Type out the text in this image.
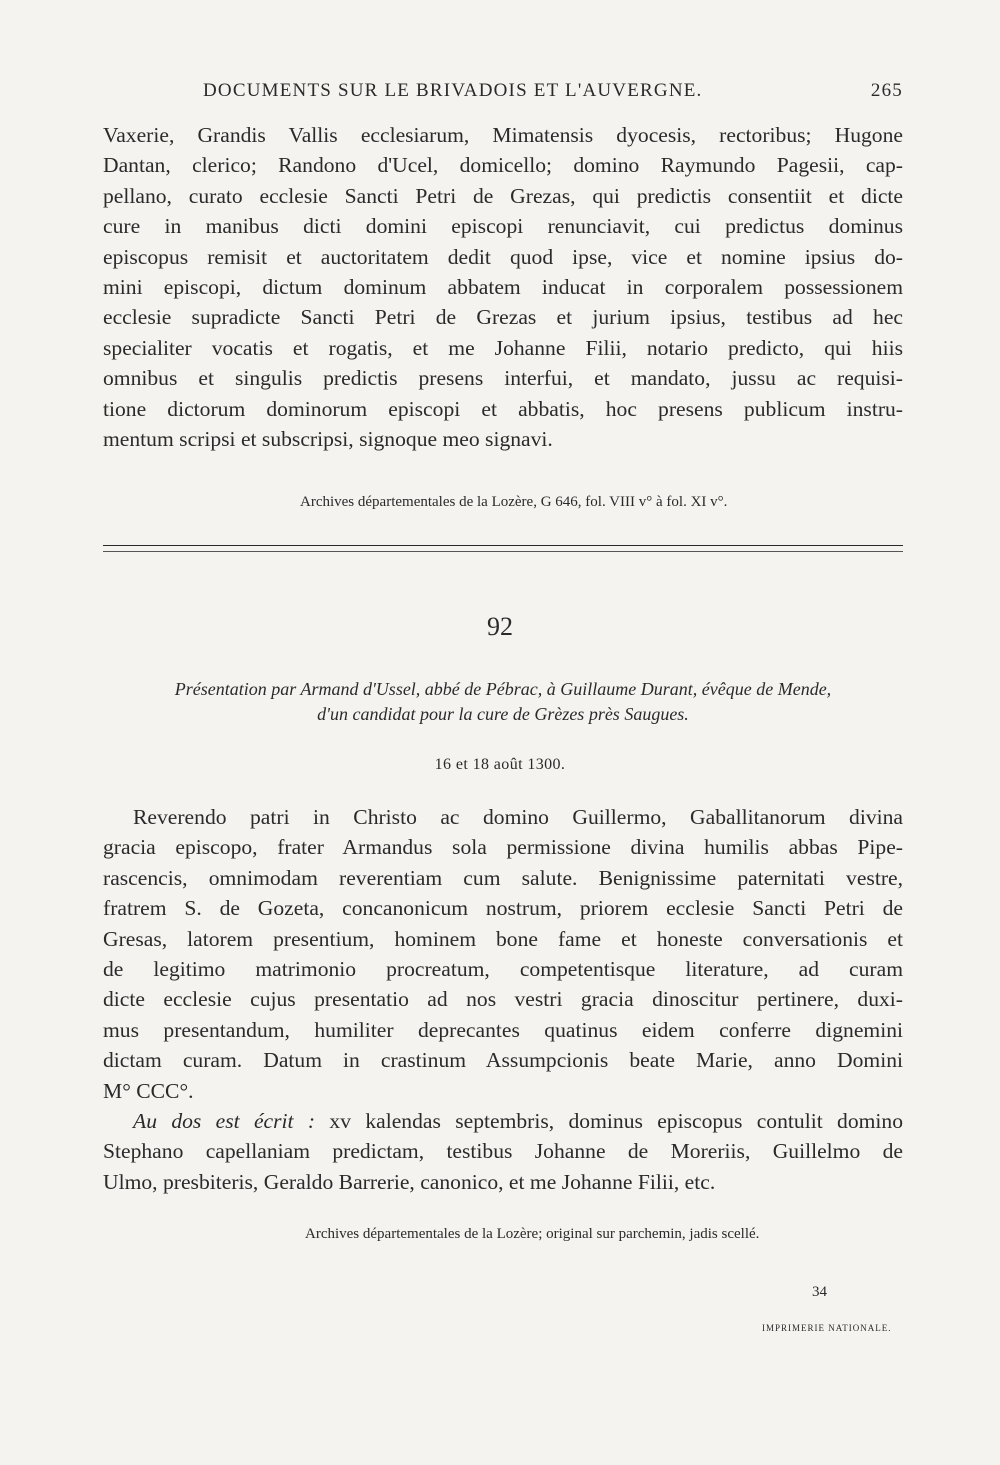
DOCUMENTS SUR LE BRIVADOIS ET L'AUVERGNE.	265
Vaxerie, Grandis Vallis ecclesiarum, Mimatensis dyocesis, rectoribus; Hugone
Dantan, clerico; Randono d'Ucel, domicello; domino Raymundo Pagesii, cap-
pellano, curato ecclesie Sancti Petri de Grezas, qui predictis consentiit et dicte
cure in manibus dicti domini episcopi renunciavit, cui predictus dominus
episcopus remisit et auctoritatem dedit quod ipse, vice et nomine ipsius do-
mini episcopi, dictum dominum abbatem inducat in corporalem possessionem
ecclesie supradicte Sancti Petri de Grezas et jurium ipsius, testibus ad hec
specialiter vocatis et rogatis, et me Johanne Filii, notario predicto, qui hiis
omnibus et singulis predictis presens interfui, et mandato, jussu ac requisi-
tione dictorum dominorum episcopi et abbatis, hoc presens publicum instru-
mentum scripsi et subscripsi, signoque meo signavi.
Archives départementales de la Lozère, G 646, fol. VIII v° à fol. XI v°.
92
Présentation par Armand d'Ussel, abbé de Pébrac, à Guillaume Durant, évêque de Mende,
d'un candidat pour la cure de Grèzes près Saugues.
16 et 18 août 1300.
Reverendo patri in Christo ac domino Guillermo, Gaballitanorum divina
gracia episcopo, frater Armandus sola permissione divina humilis abbas Pipe-
rascencis, omnimodam reverentiam cum salute. Benignissime paternitati vestre,
fratrem S. de Gozeta, concanonicum nostrum, priorem ecclesie Sancti Petri de
Gresas, latorem presentium, hominem bone fame et honeste conversationis et
de legitimo matrimonio procreatum, competentisque literature, ad curam
dicte ecclesie cujus presentatio ad nos vestri gracia dinoscitur pertinere, duxi-
mus presentandum, humiliter deprecantes quatinus eidem conferre dignemini
dictam curam. Datum in crastinum Assumpcionis beate Marie, anno Domini
M° CCC°.
Au dos est écrit : xv kalendas septembris, dominus episcopus contulit domino
Stephano capellaniam predictam, testibus Johanne de Moreriis, Guillelmo de
Ulmo, presbiteris, Geraldo Barrerie, canonico, et me Johanne Filii, etc.
Archives départementales de la Lozère; original sur parchemin, jadis scellé.
34
IMPRIMERIE NATIONALE.
